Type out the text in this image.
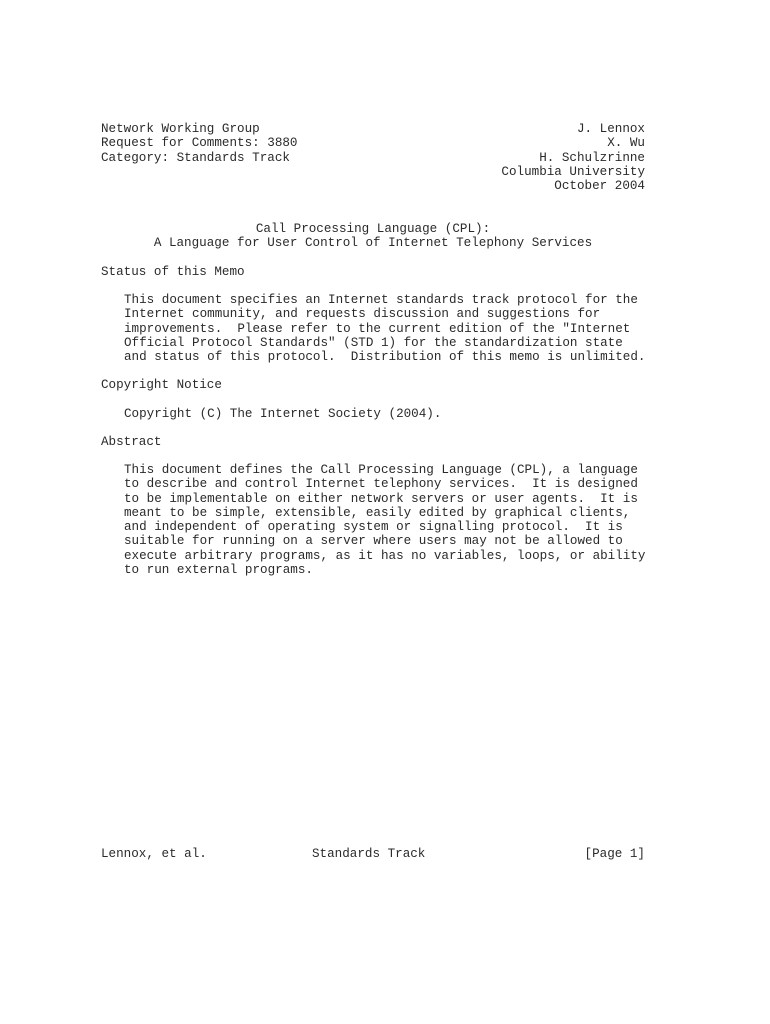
Network Working Group	J. Lennox
Request for Comments: 3880	X. Wu
Category: Standards Track	H. Schulzrinne
Columbia University
October 2004
Call Processing Language (CPL):
A Language for User Control of Internet Telephony Services
Status of this Memo
This document specifies an Internet standards track protocol for the
Internet community, and requests discussion and suggestions for
improvements.  Please refer to the current edition of the "Internet
Official Protocol Standards" (STD 1) for the standardization state
and status of this protocol.  Distribution of this memo is unlimited.
Copyright Notice
Copyright (C) The Internet Society (2004).
Abstract
This document defines the Call Processing Language (CPL), a language
to describe and control Internet telephony services.  It is designed
to be implementable on either network servers or user agents.  It is
meant to be simple, extensible, easily edited by graphical clients,
and independent of operating system or signalling protocol.  It is
suitable for running on a server where users may not be allowed to
execute arbitrary programs, as it has no variables, loops, or ability
to run external programs.

Lennox, et al.

	Standards Track

	[Page 1]
